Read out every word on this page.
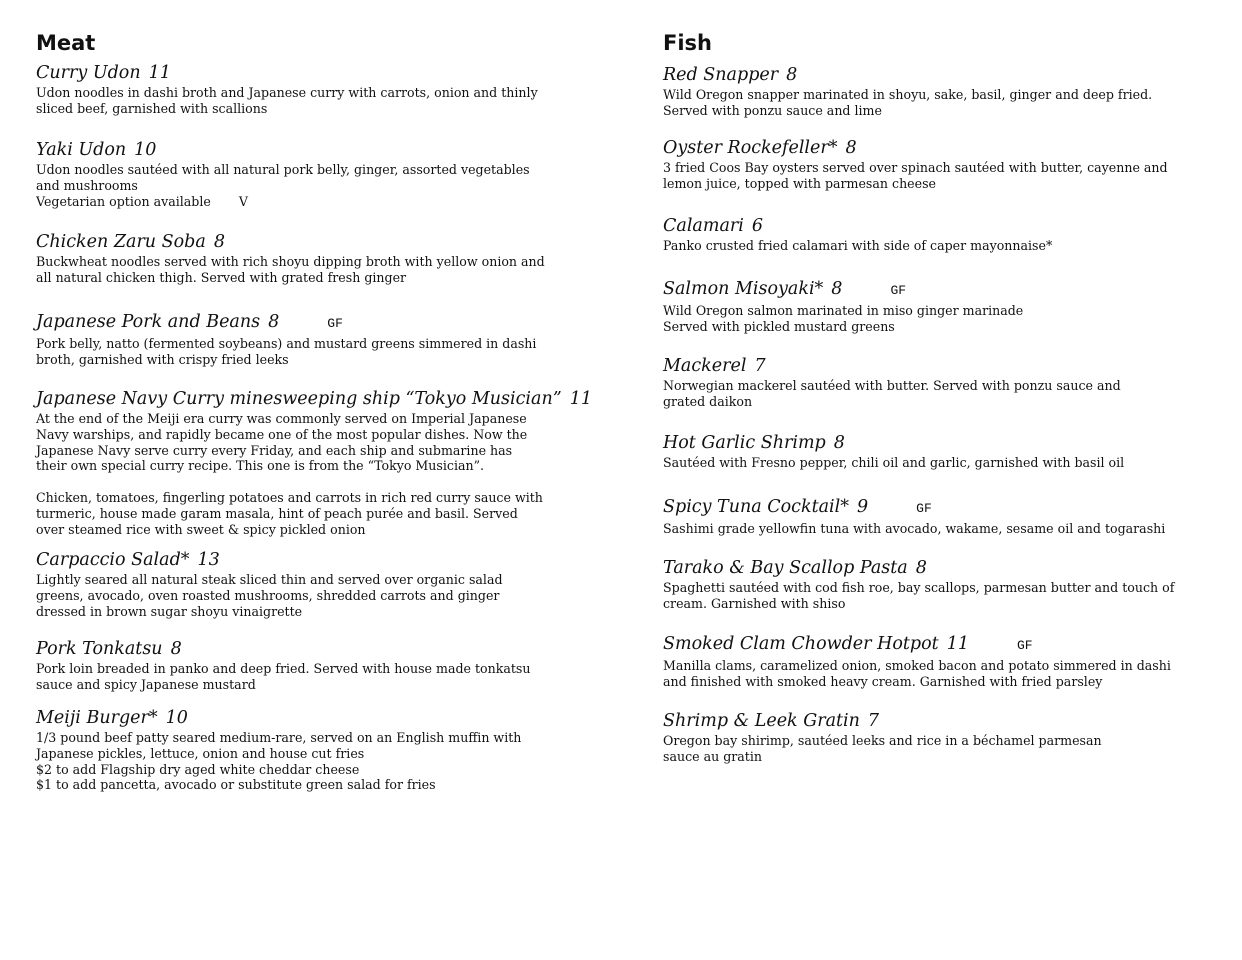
Meat
Curry Udon 11
Udon noodles in dashi broth and Japanese curry with carrots, onion and thinly
sliced beef, garnished with scallions
Yaki Udon 10
Udon noodles sautéed with all natural pork belly, ginger, assorted vegetables
and mushrooms
Vegetarian option available V
Chicken Zaru Soba 8
Buckwheat noodles served with rich shoyu dipping broth with yellow onion and
all natural chicken thigh. Served with grated fresh ginger
Japanese Pork and Beans 8	GF
Pork belly, natto (fermented soybeans) and mustard greens simmered in dashi
broth, garnished with crispy fried leeks
Japanese Navy Curry minesweeping ship “Tokyo Musician” 11
At the end of the Meiji era curry was commonly served on Imperial Japanese
Navy warships, and rapidly became one of the most popular dishes. Now the
Japanese Navy serve curry every Friday, and each ship and submarine has
their own special curry recipe. This one is from the “Tokyo Musician”.
Chicken, tomatoes, fingerling potatoes and carrots in rich red curry sauce with
turmeric, house made garam masala, hint of peach purée and basil. Served
over steamed rice with sweet & spicy pickled onion
Carpaccio Salad* 13
Lightly seared all natural steak sliced thin and served over organic salad
greens, avocado, oven roasted mushrooms, shredded carrots and ginger
dressed in brown sugar shoyu vinaigrette
Pork Tonkatsu 8
Pork loin breaded in panko and deep fried. Served with house made tonkatsu
sauce and spicy Japanese mustard
Meiji Burger* 10
1/3 pound beef patty seared medium-rare, served on an English muffin with
Japanese pickles, lettuce, onion and house cut fries
$2 to add Flagship dry aged white cheddar cheese
$1 to add pancetta, avocado or substitute green salad for fries
Fish
Red Snapper 8
Wild Oregon snapper marinated in shoyu, sake, basil, ginger and deep fried.
Served with ponzu sauce and lime
Oyster Rockefeller* 8
3 fried Coos Bay oysters served over spinach sautéed with butter, cayenne and
lemon juice, topped with parmesan cheese
Calamari 6
Panko crusted fried calamari with side of caper mayonnaise*
Salmon Misoyaki* 8	GF
Wild Oregon salmon marinated in miso ginger marinade
Served with pickled mustard greens
Mackerel 7
Norwegian mackerel sautéed with butter. Served with ponzu sauce and
grated daikon
Hot Garlic Shrimp 8
Sautéed with Fresno pepper, chili oil and garlic, garnished with basil oil
Spicy Tuna Cocktail* 9	GF
Sashimi grade yellowfin tuna with avocado, wakame, sesame oil and togarashi
Tarako & Bay Scallop Pasta 8
Spaghetti sautéed with cod fish roe, bay scallops, parmesan butter and touch of
cream. Garnished with shiso
Smoked Clam Chowder Hotpot 11	GF
Manilla clams, caramelized onion, smoked bacon and potato simmered in dashi
and finished with smoked heavy cream. Garnished with fried parsley
Shrimp & Leek Gratin 7
Oregon bay shirimp, sautéed leeks and rice in a béchamel parmesan
sauce au gratin
